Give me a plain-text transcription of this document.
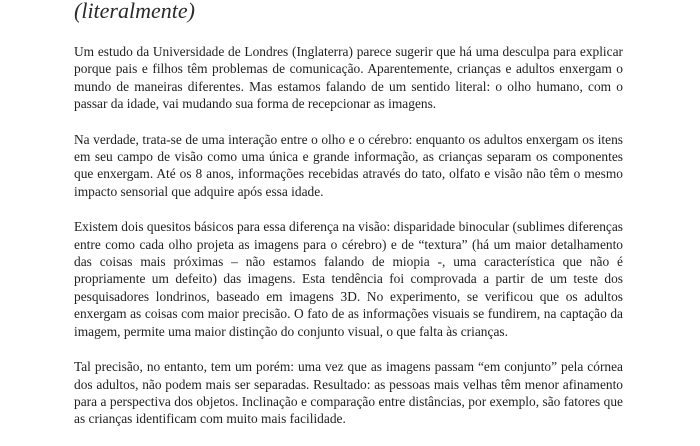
(literalmente)

Um estudo da Universidade de Londres (Inglaterra) parece sugerir que há uma desculpa para explicar porque pais e filhos têm problemas de comunicação. Aparentemente, crianças e adultos enxergam o mundo de maneiras diferentes. Mas estamos falando de um sentido literal: o olho humano, com o passar da idade, vai mudando sua forma de recepcionar as imagens.

Na verdade, trata-se de uma interação entre o olho e o cérebro: enquanto os adultos enxergam os itens em seu campo de visão como uma única e grande informação, as crianças separam os componentes que enxergam. Até os 8 anos, informações recebidas através do tato, olfato e visão não têm o mesmo impacto sensorial que adquire após essa idade.

Existem dois quesitos básicos para essa diferença na visão: disparidade binocular (sublimes diferenças entre como cada olho projeta as imagens para o cérebro) e de “textura” (há um maior detalhamento das coisas mais próximas – não estamos falando de miopia -, uma característica que não é propriamente um defeito) das imagens. Esta tendência foi comprovada a partir de um teste dos pesquisadores londrinos, baseado em imagens 3D. No experimento, se verificou que os adultos enxergam as coisas com maior precisão. O fato de as informações visuais se fundirem, na captação da imagem, permite uma maior distinção do conjunto visual, o que falta às crianças.

Tal precisão, no entanto, tem um porém: uma vez que as imagens passam “em conjunto” pela córnea dos adultos, não podem mais ser separadas. Resultado: as pessoas mais velhas têm menor afinamento para a perspectiva dos objetos. Inclinação e comparação entre distâncias, por exemplo, são fatores que as crianças identificam com muito mais facilidade.
